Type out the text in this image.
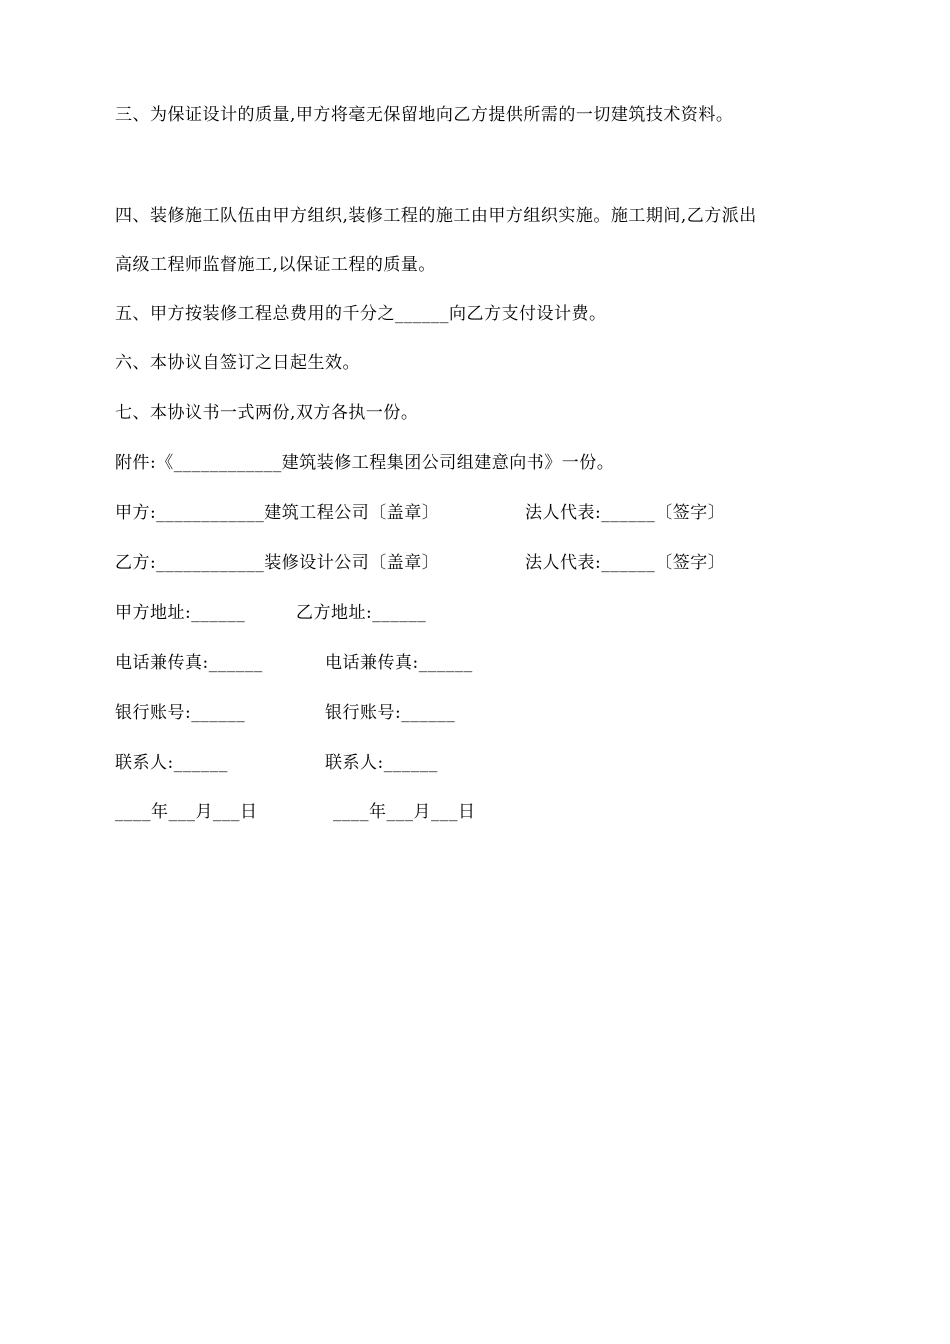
三、为保证设计的质量,甲方将毫无保留地向乙方提供所需的一切建筑技术资料。
四、装修施工队伍由甲方组织,装修工程的施工由甲方组织实施。施工期间,乙方派出
高级工程师监督施工,以保证工程的质量。
五、甲方按装修工程总费用的千分之______向乙方支付设计费。
六、本协议自签订之日起生效。
七、本协议书一式两份,双方各执一份。
附件:《____________建筑装修工程集团公司组建意向书》一份。
甲方:____________建筑工程公司〔盖章〕	法人代表:______〔签字〕
乙方:____________装修设计公司〔盖章〕	法人代表:______〔签字〕
甲方地址:______	乙方地址:______
电话兼传真:______	电话兼传真:______
银行账号:______	银行账号:______
联系人:______	联系人:______
____年___月___日	____年___月___日
